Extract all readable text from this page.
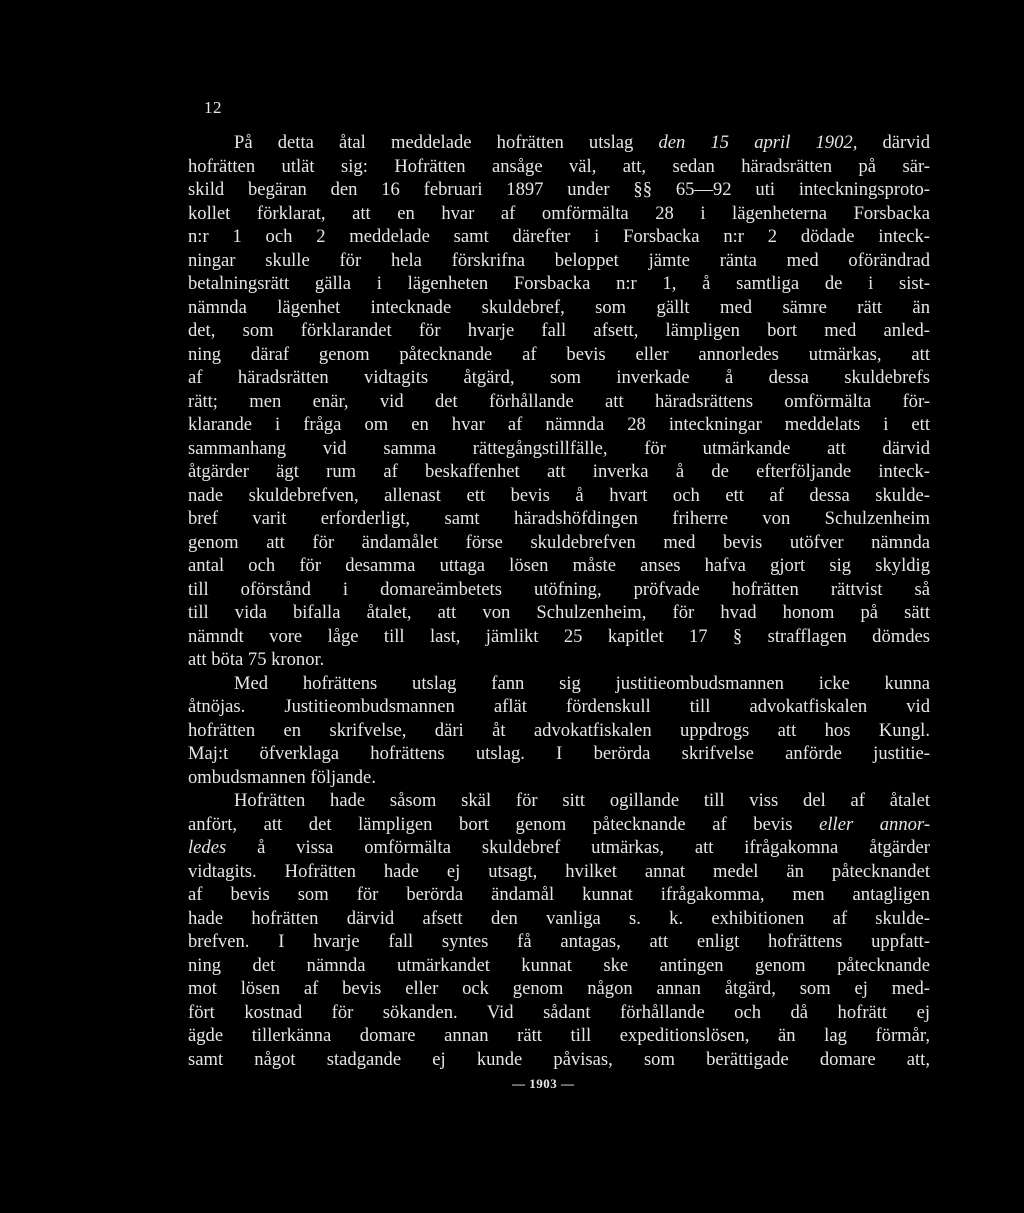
12
På detta åtal meddelade hofrätten utslag den 15 april 1902, därvid
hofrätten utlät sig: Hofrätten ansåge väl, att, sedan häradsrätten på sär-
skild begäran den 16 februari 1897 under §§ 65—92 uti inteckningsproto-
kollet förklarat, att en hvar af omförmälta 28 i lägenheterna Forsbacka
n:r 1 och 2 meddelade samt därefter i Forsbacka n:r 2 dödade inteck-
ningar skulle för hela förskrifna beloppet jämte ränta med oförändrad
betalningsrätt gälla i lägenheten Forsbacka n:r 1, å samtliga de i sist-
nämnda lägenhet intecknade skuldebref, som gällt med sämre rätt än
det, som förklarandet för hvarje fall afsett, lämpligen bort med anled-
ning däraf genom påtecknande af bevis eller annorledes utmärkas, att
af häradsrätten vidtagits åtgärd, som inverkade å dessa skuldebrefs
rätt; men enär, vid det förhållande att häradsrättens omförmälta för-
klarande i fråga om en hvar af nämnda 28 inteckningar meddelats i ett
sammanhang vid samma rättegångstillfälle, för utmärkande att därvid
åtgärder ägt rum af beskaffenhet att inverka å de efterföljande inteck-
nade skuldebrefven, allenast ett bevis å hvart och ett af dessa skulde-
bref varit erforderligt, samt häradshöfdingen friherre von Schulzenheim
genom att för ändamålet förse skuldebrefven med bevis utöfver nämnda
antal och för desamma uttaga lösen måste anses hafva gjort sig skyldig
till oförstånd i domareämbetets utöfning, pröfvade hofrätten rättvist så
till vida bifalla åtalet, att von Schulzenheim, för hvad honom på sätt
nämndt vore låge till last, jämlikt 25 kapitlet 17 § strafflagen dömdes
att böta 75 kronor.
Med hofrättens utslag fann sig justitieombudsmannen icke kunna
åtnöjas. Justitieombudsmannen aflät fördenskull till advokatfiskalen vid
hofrätten en skrifvelse, däri åt advokatfiskalen uppdrogs att hos Kungl.
Maj:t öfverklaga hofrättens utslag. I berörda skrifvelse anförde justitie-
ombudsmannen följande.
Hofrätten hade såsom skäl för sitt ogillande till viss del af åtalet
anfört, att det lämpligen bort genom påtecknande af bevis eller annor-
ledes å vissa omförmälta skuldebref utmärkas, att ifrågakomna åtgärder
vidtagits. Hofrätten hade ej utsagt, hvilket annat medel än påtecknandet
af bevis som för berörda ändamål kunnat ifrågakomma, men antagligen
hade hofrätten därvid afsett den vanliga s. k. exhibitionen af skulde-
brefven. I hvarje fall syntes få antagas, att enligt hofrättens uppfatt-
ning det nämnda utmärkandet kunnat ske antingen genom påtecknande
mot lösen af bevis eller ock genom någon annan åtgärd, som ej med-
fört kostnad för sökanden. Vid sådant förhållande och då hofrätt ej
ägde tillerkänna domare annan rätt till expeditionslösen, än lag förmår,
samt något stadgande ej kunde påvisas, som berättigade domare att,
— 1903 —
